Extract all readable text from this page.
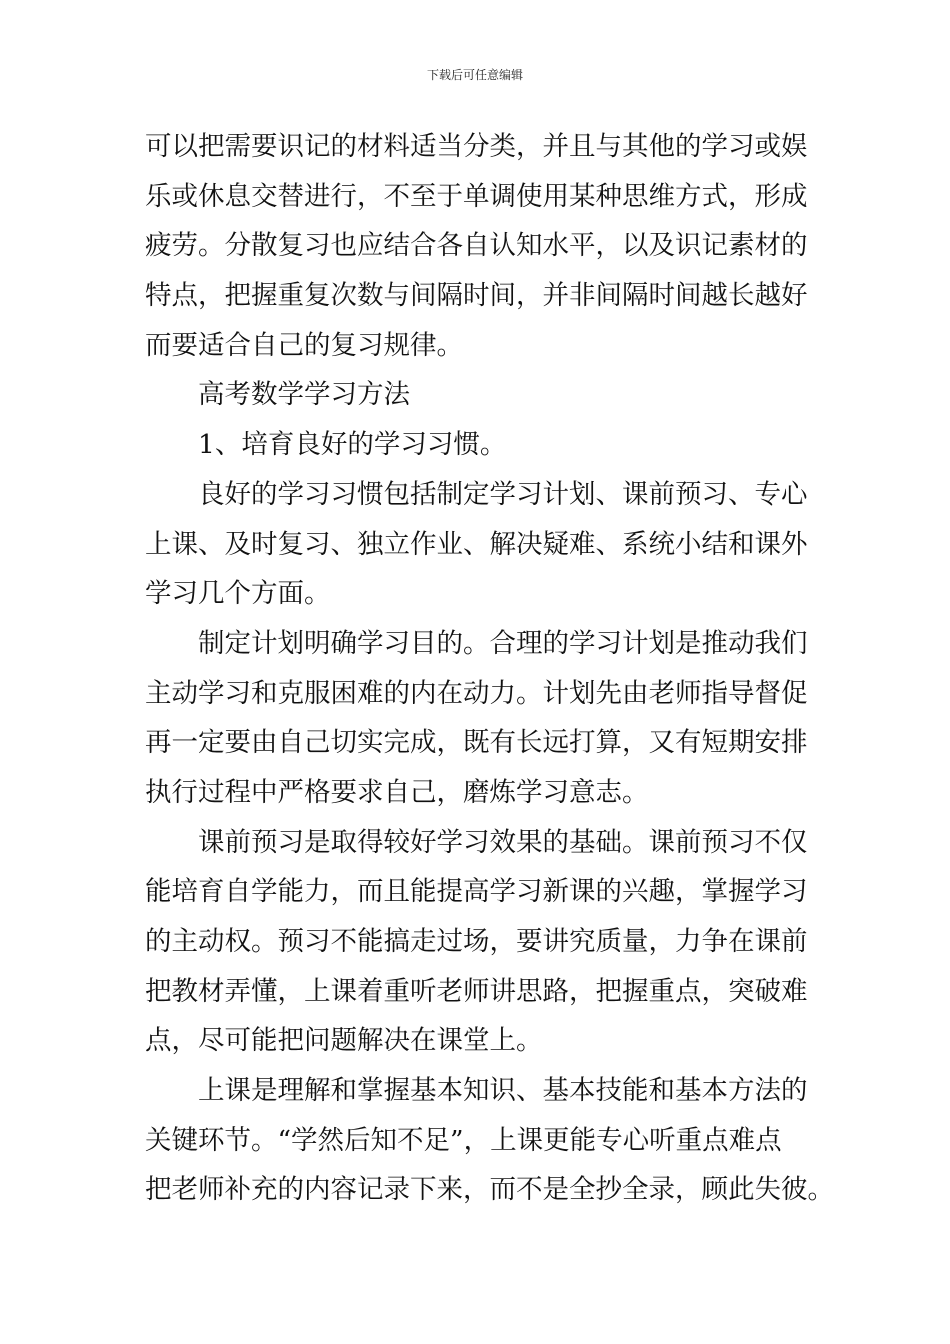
下载后可任意编辑
可以把需要识记的材料适当分类，并且与其他的学习或娱
乐或休息交替进行，不至于单调使用某种思维方式，形成
疲劳。分散复习也应结合各自认知水平，以及识记素材的
特点，把握重复次数与间隔时间，并非间隔时间越长越好
而要适合自己的复习规律。
高考数学学习方法
1、培育良好的学习习惯。
良好的学习习惯包括制定学习计划、课前预习、专心
上课、及时复习、独立作业、解决疑难、系统小结和课外
学习几个方面。
制定计划明确学习目的。合理的学习计划是推动我们
主动学习和克服困难的内在动力。计划先由老师指导督促
再一定要由自己切实完成，既有长远打算，又有短期安排
执行过程中严格要求自己，磨炼学习意志。
课前预习是取得较好学习效果的基础。课前预习不仅
能培育自学能力，而且能提高学习新课的兴趣，掌握学习
的主动权。预习不能搞走过场，要讲究质量，力争在课前
把教材弄懂，上课着重听老师讲思路，把握重点，突破难
点，尽可能把问题解决在课堂上。
上课是理解和掌握基本知识、基本技能和基本方法的
关键环节。“学然后知不足”，上课更能专心听重点难点
把老师补充的内容记录下来，而不是全抄全录，顾此失彼。
